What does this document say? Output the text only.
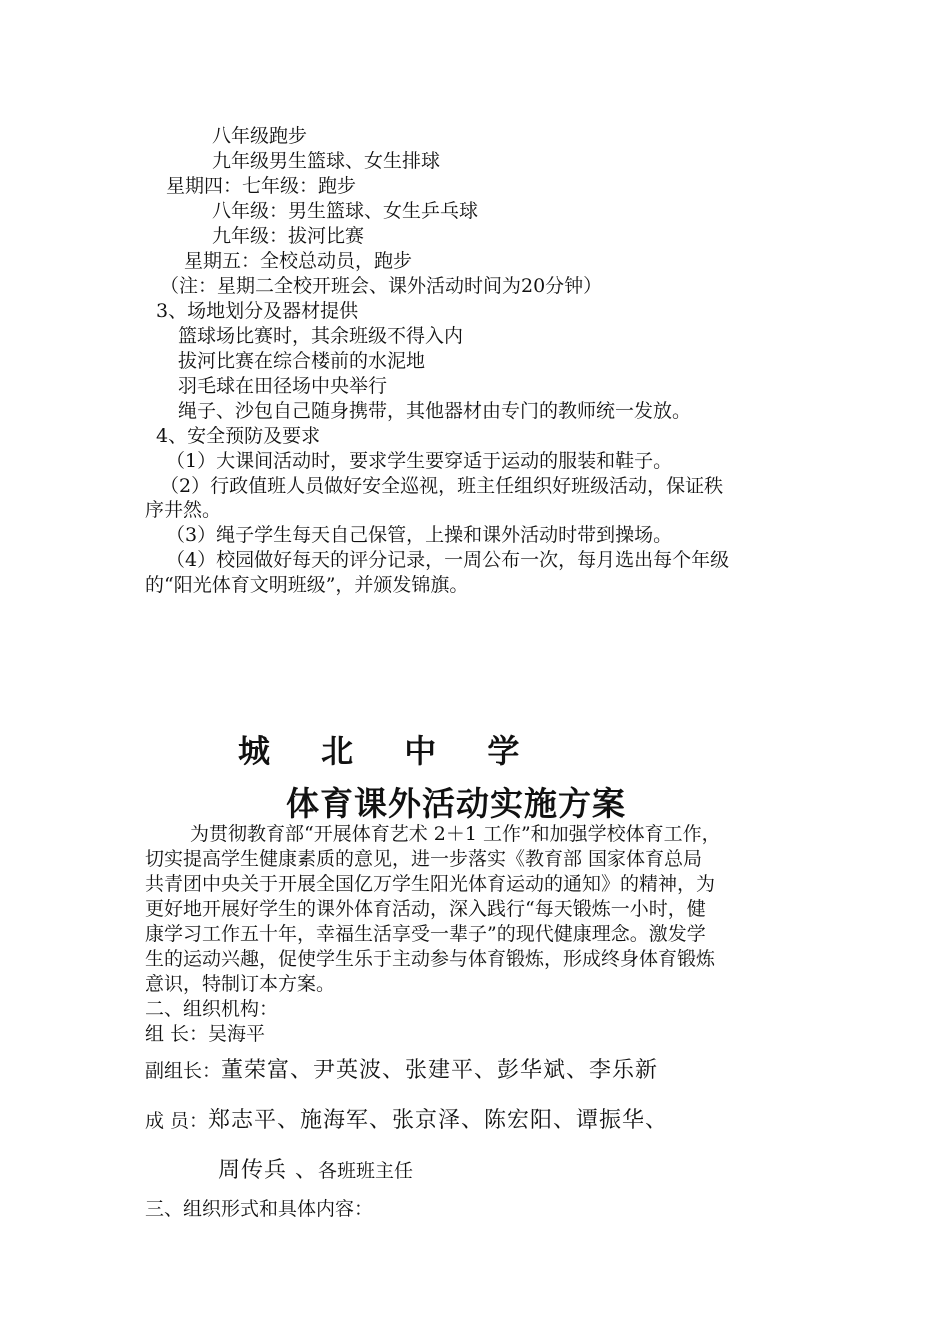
八年级跑步
九年级男生篮球、女生排球
星期四：七年级：跑步
八年级：男生篮球、女生乒乓球
九年级：拔河比赛
星期五：全校总动员，跑步
（注：星期二全校开班会、课外活动时间为20分钟）
3、场地划分及器材提供
篮球场比赛时，其余班级不得入内
拔河比赛在综合楼前的水泥地
羽毛球在田径场中央举行
绳子、沙包自己随身携带，其他器材由专门的教师统一发放。
4、安全预防及要求
（1）大课间活动时，要求学生要穿适于运动的服装和鞋子。
（2）行政值班人员做好安全巡视，班主任组织好班级活动，保证秩
序井然。
（3）绳子学生每天自己保管，上操和课外活动时带到操场。
（4）校园做好每天的评分记录，一周公布一次，每月选出每个年级
的“阳光体育文明班级”，并颁发锦旗。
城 北 中 学
体育课外活动实施方案
为贯彻教育部“开展体育艺术 2＋1 工作”和加强学校体育工作，
切实提高学生健康素质的意见，进一步落实《教育部 国家体育总局
共青团中央关于开展全国亿万学生阳光体育运动的通知》的精神，为
更好地开展好学生的课外体育活动，深入践行“每天锻炼一小时，健
康学习工作五十年，幸福生活享受一辈子”的现代健康理念。激发学
生的运动兴趣，促使学生乐于主动参与体育锻炼，形成终身体育锻炼
意识，特制订本方案。
二、组织机构：
组 长：吴海平
副组长：董荣富、尹英波、张建平、彭华斌、李乐新
成 员：郑志平、施海军、张京泽、陈宏阳、谭振华、
周传兵 、各班班主任
三、组织形式和具体内容：
